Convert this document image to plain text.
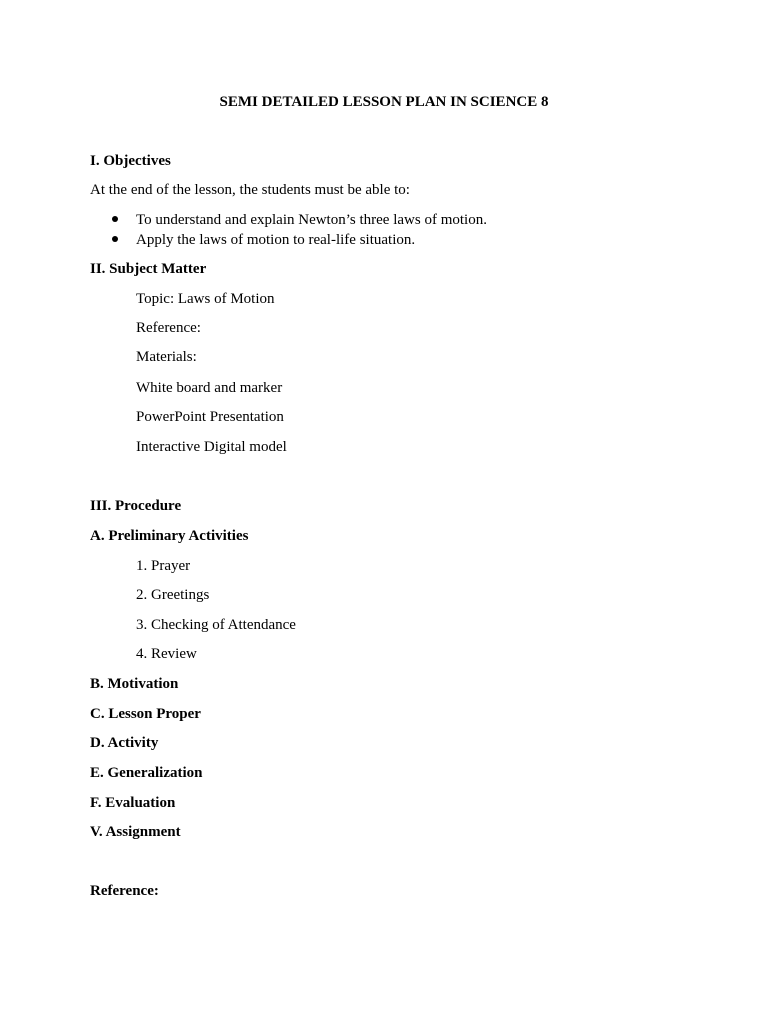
SEMI DETAILED LESSON PLAN IN SCIENCE 8
I. Objectives
At the end of the lesson, the students must be able to:
To understand and explain Newton’s three laws of motion.
Apply the laws of motion to real-life situation.
II. Subject Matter
Topic: Laws of Motion
Reference:
Materials:
White board and marker
PowerPoint Presentation
Interactive Digital model
III. Procedure
A. Preliminary Activities
1. Prayer
2. Greetings
3. Checking of Attendance
4. Review
B. Motivation
C. Lesson Proper
D. Activity
E. Generalization
F. Evaluation
V. Assignment
Reference:
